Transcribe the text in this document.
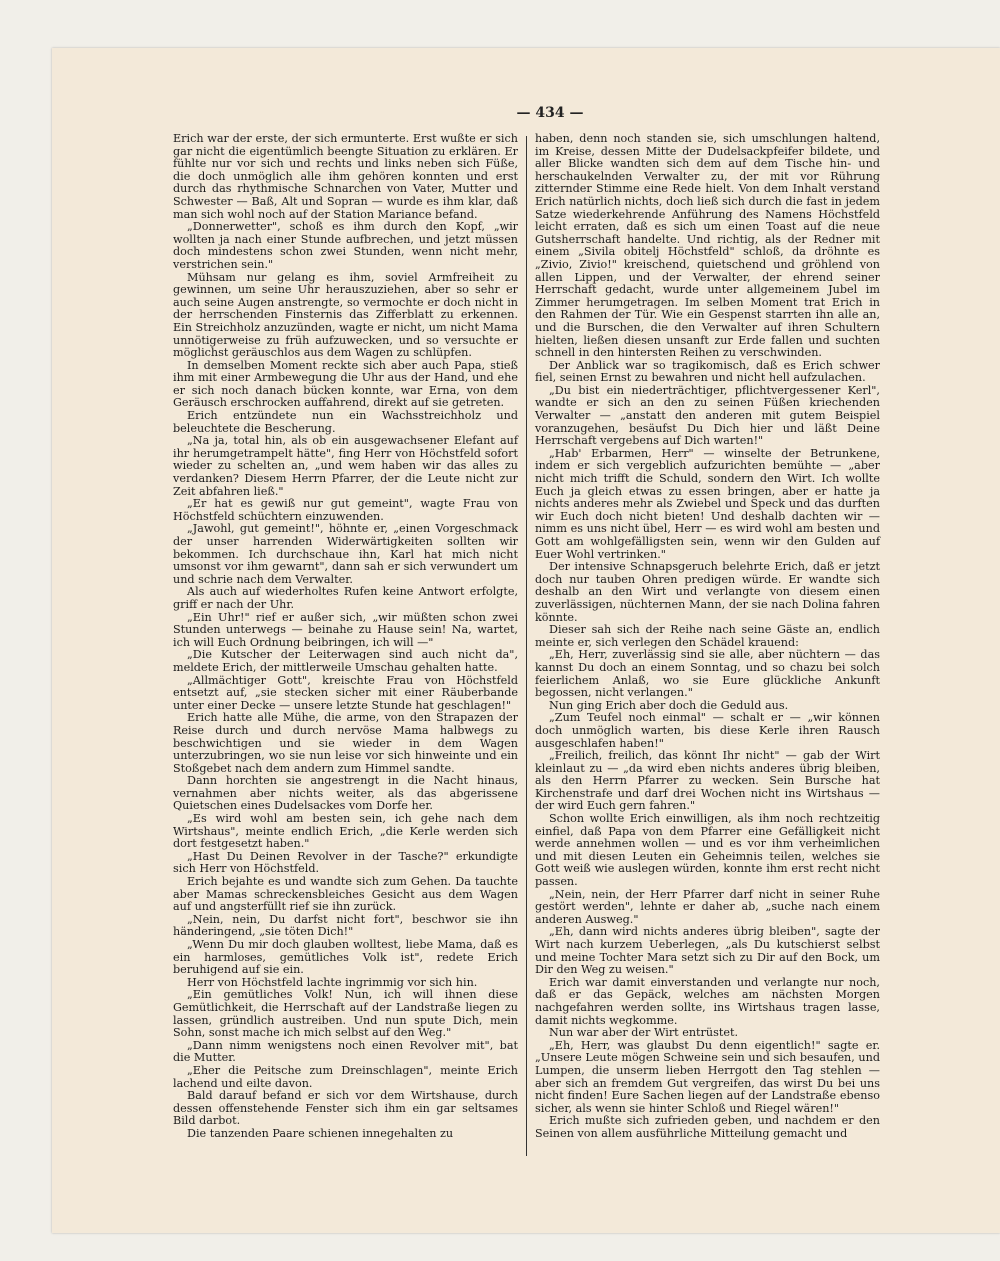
— 434 —

Erich war der erste, der sich ermunterte. Erst wußte er sich gar nicht die eigentümlich beengte Situation zu erklären. Er fühlte nur vor sich und rechts und links neben sich Füße, die doch unmöglich alle ihm gehören konnten und erst durch das rhythmische Schnarchen von Vater, Mutter und Schwester — Baß, Alt und Sopran — wurde es ihm klar, daß man sich wohl noch auf der Station Mariance befand.

„Donnerwetter", schoß es ihm durch den Kopf, „wir wollten ja nach einer Stunde aufbrechen, und jetzt müssen doch mindestens schon zwei Stunden, wenn nicht mehr, verstrichen sein."

Mühsam nur gelang es ihm, soviel Armfreiheit zu gewinnen, um seine Uhr herauszuziehen, aber so sehr er auch seine Augen anstrengte, so vermochte er doch nicht in der herrschenden Finsternis das Zifferblatt zu erkennen. Ein Streichholz anzuzünden, wagte er nicht, um nicht Mama unnötigerweise zu früh aufzuwecken, und so versuchte er möglichst geräuschlos aus dem Wagen zu schlüpfen.

In demselben Moment reckte sich aber auch Papa, stieß ihm mit einer Armbewegung die Uhr aus der Hand, und ehe er sich noch danach bücken konnte, war Erna, von dem Geräusch erschrocken auffahrend, direkt auf sie getreten.

Erich entzündete nun ein Wachsstreichholz und beleuchtete die Bescherung.

„Na ja, total hin, als ob ein ausgewachsener Elefant auf ihr herumgetrampelt hätte", fing Herr von Höchstfeld sofort wieder zu schelten an, „und wem haben wir das alles zu verdanken? Diesem Herrn Pfarrer, der die Leute nicht zur Zeit abfahren ließ."

„Er hat es gewiß nur gut gemeint", wagte Frau von Höchstfeld schüchtern einzuwenden.

„Jawohl, gut gemeint!", höhnte er, „einen Vorgeschmack der unser harrenden Widerwärtigkeiten sollten wir bekommen. Ich durchschaue ihn, Karl hat mich nicht umsonst vor ihm gewarnt", dann sah er sich verwundert um und schrie nach dem Verwalter.

Als auch auf wiederholtes Rufen keine Antwort erfolgte, griff er nach der Uhr.

„Ein Uhr!" rief er außer sich, „wir müßten schon zwei Stunden unterwegs — beinahe zu Hause sein! Na, wartet, ich will Euch Ordnung beibringen, ich will —"

„Die Kutscher der Leiterwagen sind auch nicht da", meldete Erich, der mittlerweile Umschau gehalten hatte.

„Allmächtiger Gott", kreischte Frau von Höchstfeld entsetzt auf, „sie stecken sicher mit einer Räuberbande unter einer Decke — unsere letzte Stunde hat geschlagen!"

Erich hatte alle Mühe, die arme, von den Strapazen der Reise durch und durch nervöse Mama halbwegs zu beschwichtigen und sie wieder in dem Wagen unterzubringen, wo sie nun leise vor sich hinweinte und ein Stoßgebet nach dem andern zum Himmel sandte.

Dann horchten sie angestrengt in die Nacht hinaus, vernahmen aber nichts weiter, als das abgerissene Quietschen eines Dudelsackes vom Dorfe her.

„Es wird wohl am besten sein, ich gehe nach dem Wirtshaus", meinte endlich Erich, „die Kerle werden sich dort festgesetzt haben."

„Hast Du Deinen Revolver in der Tasche?" erkundigte sich Herr von Höchstfeld.

Erich bejahte es und wandte sich zum Gehen. Da tauchte aber Mamas schreckensbleiches Gesicht aus dem Wagen auf und angsterfüllt rief sie ihn zurück.

„Nein, nein, Du darfst nicht fort", beschwor sie ihn händeringend, „sie töten Dich!"

„Wenn Du mir doch glauben wolltest, liebe Mama, daß es ein harmloses, gemütliches Volk ist", redete Erich beruhigend auf sie ein.

Herr von Höchstfeld lachte ingrimmig vor sich hin.

„Ein gemütliches Volk! Nun, ich will ihnen diese Gemütlichkeit, die Herrschaft auf der Landstraße liegen zu lassen, gründlich austreiben. Und nun spute Dich, mein Sohn, sonst mache ich mich selbst auf den Weg."

„Dann nimm wenigstens noch einen Revolver mit", bat die Mutter.

„Eher die Peitsche zum Dreinschlagen", meinte Erich lachend und eilte davon.

Bald darauf befand er sich vor dem Wirtshause, durch dessen offenstehende Fenster sich ihm ein gar seltsames Bild darbot.

Die tanzenden Paare schienen innegehalten zu

haben, denn noch standen sie, sich umschlungen haltend, im Kreise, dessen Mitte der Dudelsackpfeifer bildete, und aller Blicke wandten sich dem auf dem Tische hin- und herschaukelnden Verwalter zu, der mit vor Rührung zitternder Stimme eine Rede hielt. Von dem Inhalt verstand Erich natürlich nichts, doch ließ sich durch die fast in jedem Satze wiederkehrende Anführung des Namens Höchstfeld leicht erraten, daß es sich um einen Toast auf die neue Gutsherrschaft handelte. Und richtig, als der Redner mit einem „Sivila obitelj Höchstfeld" schloß, da dröhnte es „Zivio, Zivio!" kreischend, quietschend und gröhlend von allen Lippen, und der Verwalter, der ehrend seiner Herrschaft gedacht, wurde unter allgemeinem Jubel im Zimmer herumgetragen. Im selben Moment trat Erich in den Rahmen der Tür. Wie ein Gespenst starrten ihn alle an, und die Burschen, die den Verwalter auf ihren Schultern hielten, ließen diesen unsanft zur Erde fallen und suchten schnell in den hintersten Reihen zu verschwinden.

Der Anblick war so tragikomisch, daß es Erich schwer fiel, seinen Ernst zu bewahren und nicht hell aufzulachen.

„Du bist ein niederträchtiger, pflichtvergessener Kerl", wandte er sich an den zu seinen Füßen kriechenden Verwalter — „anstatt den anderen mit gutem Beispiel voranzugehen, besäufst Du Dich hier und läßt Deine Herrschaft vergebens auf Dich warten!"

„Hab' Erbarmen, Herr" — winselte der Betrunkene, indem er sich vergeblich aufzurichten bemühte — „aber nicht mich trifft die Schuld, sondern den Wirt. Ich wollte Euch ja gleich etwas zu essen bringen, aber er hatte ja nichts anderes mehr als Zwiebel und Speck und das durften wir Euch doch nicht bieten! Und deshalb dachten wir — nimm es uns nicht übel, Herr — es wird wohl am besten und Gott am wohlgefälligsten sein, wenn wir den Gulden auf Euer Wohl vertrinken."

Der intensive Schnapsgeruch belehrte Erich, daß er jetzt doch nur tauben Ohren predigen würde. Er wandte sich deshalb an den Wirt und verlangte von diesem einen zuverlässigen, nüchternen Mann, der sie nach Dolina fahren könnte.

Dieser sah sich der Reihe nach seine Gäste an, endlich meinte er, sich verlegen den Schädel krauend:

„Eh, Herr, zuverlässig sind sie alle, aber nüchtern — das kannst Du doch an einem Sonntag, und so chazu bei solch feierlichem Anlaß, wo sie Eure glückliche Ankunft begossen, nicht verlangen."

Nun ging Erich aber doch die Geduld aus.

„Zum Teufel noch einmal" — schalt er — „wir können doch unmöglich warten, bis diese Kerle ihren Rausch ausgeschlafen haben!"

„Freilich, freilich, das könnt Ihr nicht" — gab der Wirt kleinlaut zu — „da wird eben nichts anderes übrig bleiben, als den Herrn Pfarrer zu wecken. Sein Bursche hat Kirchenstrafe und darf drei Wochen nicht ins Wirtshaus — der wird Euch gern fahren."

Schon wollte Erich einwilligen, als ihm noch rechtzeitig einfiel, daß Papa von dem Pfarrer eine Gefälligkeit nicht werde annehmen wollen — und es vor ihm verheimlichen und mit diesen Leuten ein Geheimnis teilen, welches sie Gott weiß wie auslegen würden, konnte ihm erst recht nicht passen.

„Nein, nein, der Herr Pfarrer darf nicht in seiner Ruhe gestört werden", lehnte er daher ab, „suche nach einem anderen Ausweg."

„Eh, dann wird nichts anderes übrig bleiben", sagte der Wirt nach kurzem Ueberlegen, „als Du kutschierst selbst und meine Tochter Mara setzt sich zu Dir auf den Bock, um Dir den Weg zu weisen."

Erich war damit einverstanden und verlangte nur noch, daß er das Gepäck, welches am nächsten Morgen nachgefahren werden sollte, ins Wirtshaus tragen lasse, damit nichts wegkomme.

Nun war aber der Wirt entrüstet.

„Eh, Herr, was glaubst Du denn eigentlich!" sagte er. „Unsere Leute mögen Schweine sein und sich besaufen, und Lumpen, die unserm lieben Herrgott den Tag stehlen — aber sich an fremdem Gut vergreifen, das wirst Du bei uns nicht finden! Eure Sachen liegen auf der Landstraße ebenso sicher, als wenn sie hinter Schloß und Riegel wären!"

Erich mußte sich zufrieden geben, und nachdem er den Seinen von allem ausführliche Mitteilung gemacht und
